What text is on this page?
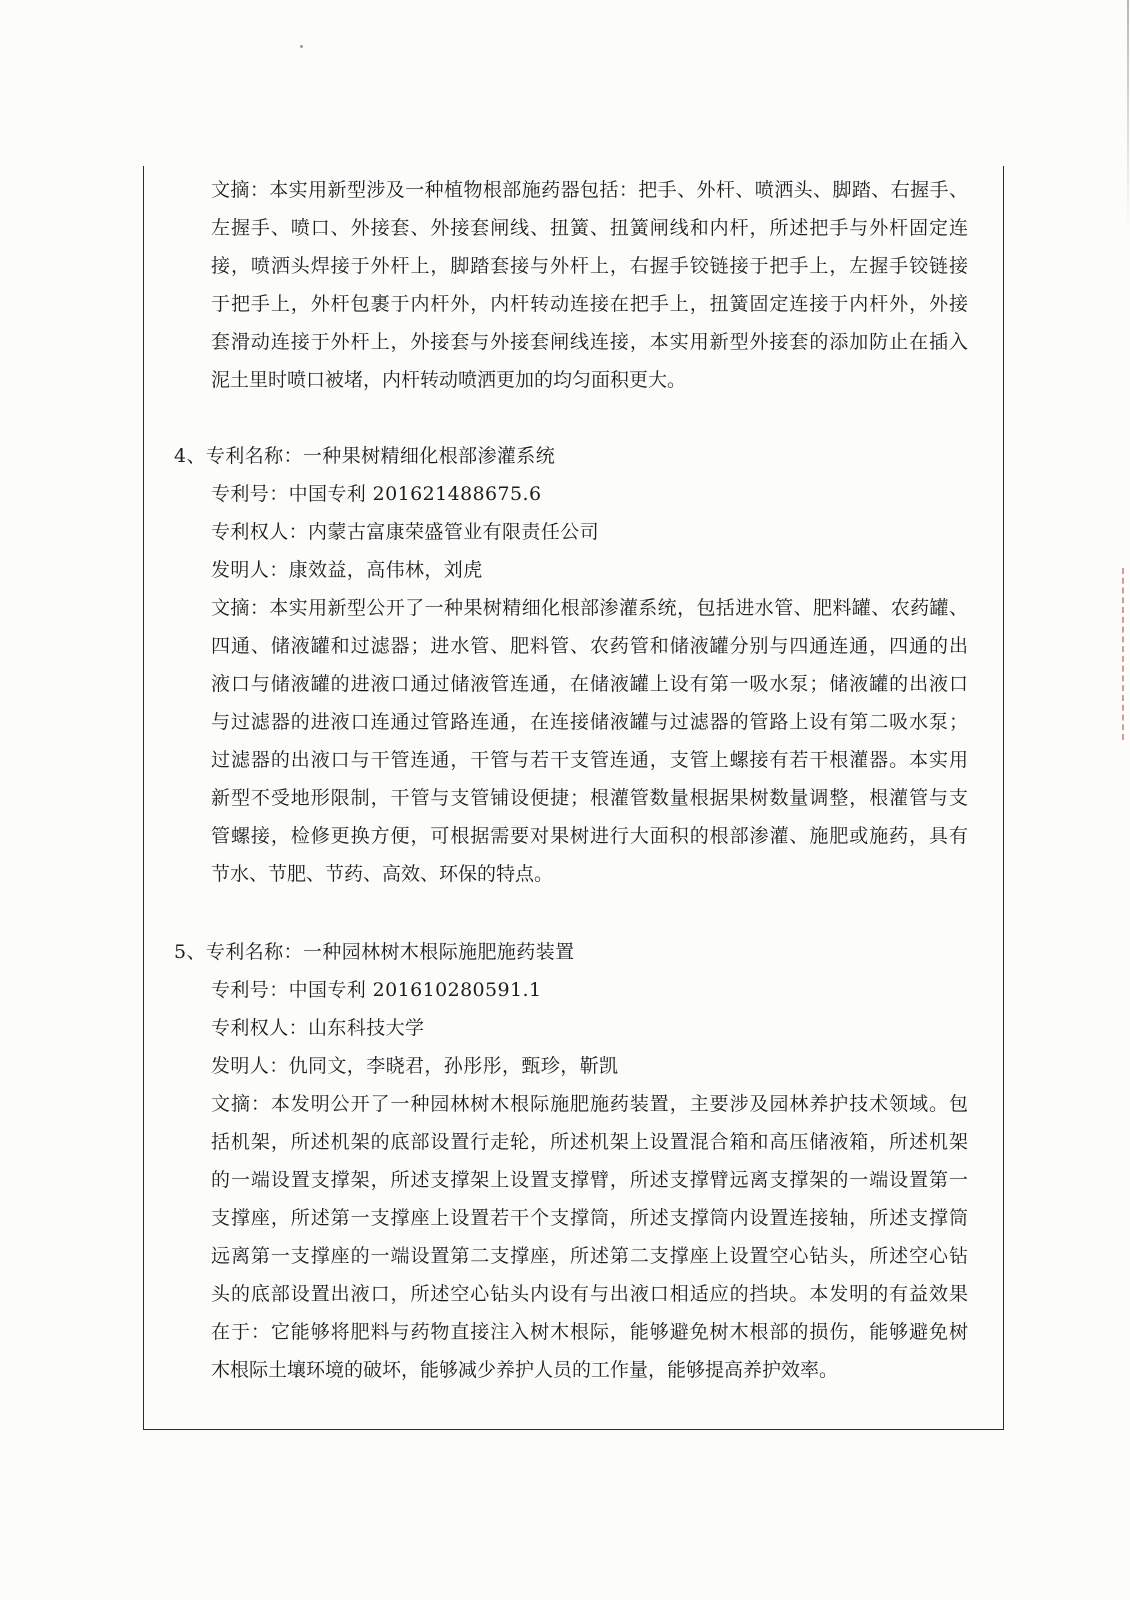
文摘：本实用新型涉及一种植物根部施药器包括：把手、外杆、喷洒头、脚踏、右握手、
左握手、喷口、外接套、外接套闸线、扭簧、扭簧闸线和内杆，所述把手与外杆固定连
接，喷洒头焊接于外杆上，脚踏套接与外杆上，右握手铰链接于把手上，左握手铰链接
于把手上，外杆包裹于内杆外，内杆转动连接在把手上，扭簧固定连接于内杆外，外接
套滑动连接于外杆上，外接套与外接套闸线连接，本实用新型外接套的添加防止在插入
泥土里时喷口被堵，内杆转动喷洒更加的均匀面积更大。
4、专利名称：一种果树精细化根部渗灌系统
专利号：中国专利 201621488675.6
专利权人：内蒙古富康荣盛管业有限责任公司
发明人：康效益，高伟林，刘虎
文摘：本实用新型公开了一种果树精细化根部渗灌系统，包括进水管、肥料罐、农药罐、
四通、储液罐和过滤器；进水管、肥料管、农药管和储液罐分别与四通连通，四通的出
液口与储液罐的进液口通过储液管连通，在储液罐上设有第一吸水泵；储液罐的出液口
与过滤器的进液口连通过管路连通，在连接储液罐与过滤器的管路上设有第二吸水泵；
过滤器的出液口与干管连通，干管与若干支管连通，支管上螺接有若干根灌器。本实用
新型不受地形限制，干管与支管铺设便捷；根灌管数量根据果树数量调整，根灌管与支
管螺接，检修更换方便，可根据需要对果树进行大面积的根部渗灌、施肥或施药，具有
节水、节肥、节药、高效、环保的特点。
5、专利名称：一种园林树木根际施肥施药装置
专利号：中国专利 201610280591.1
专利权人：山东科技大学
发明人：仇同文，李晓君，孙彤彤，甄珍，靳凯
文摘：本发明公开了一种园林树木根际施肥施药装置，主要涉及园林养护技术领域。包
括机架，所述机架的底部设置行走轮，所述机架上设置混合箱和高压储液箱，所述机架
的一端设置支撑架，所述支撑架上设置支撑臂，所述支撑臂远离支撑架的一端设置第一
支撑座，所述第一支撑座上设置若干个支撑筒，所述支撑筒内设置连接轴，所述支撑筒
远离第一支撑座的一端设置第二支撑座，所述第二支撑座上设置空心钻头，所述空心钻
头的底部设置出液口，所述空心钻头内设有与出液口相适应的挡块。本发明的有益效果
在于：它能够将肥料与药物直接注入树木根际，能够避免树木根部的损伤，能够避免树
木根际土壤环境的破坏，能够减少养护人员的工作量，能够提高养护效率。
